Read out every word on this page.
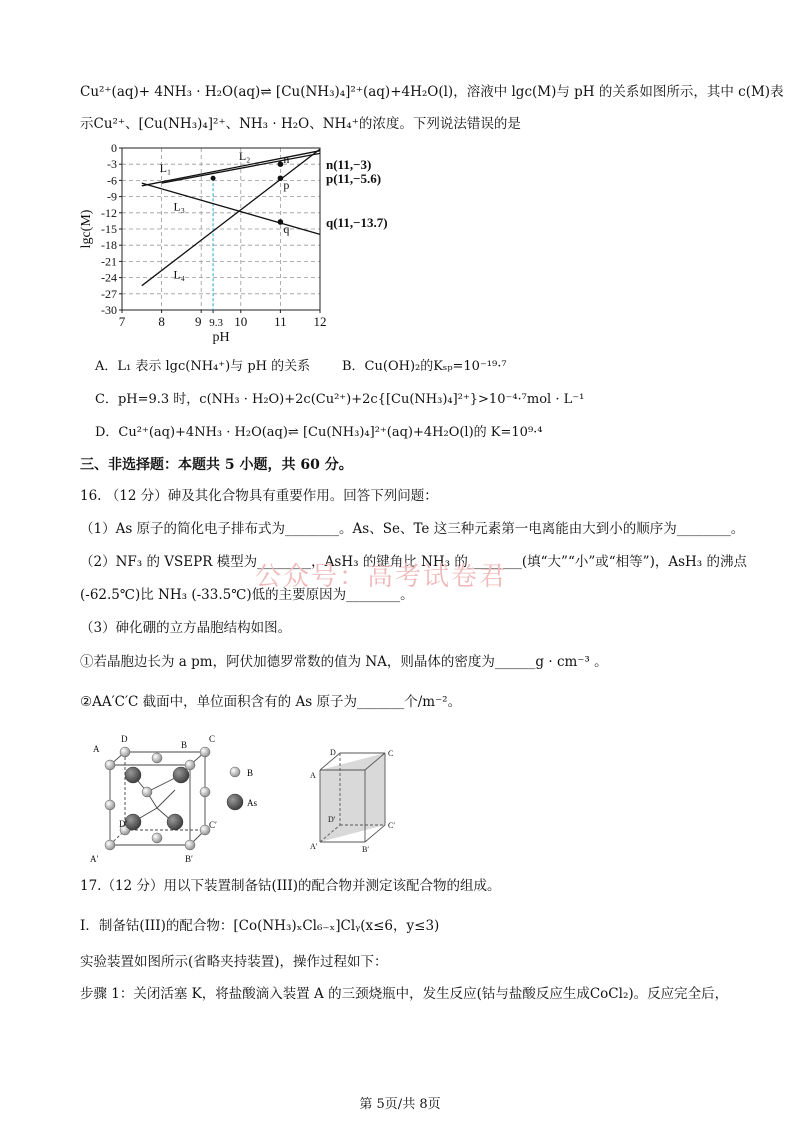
Cu²⁺(aq)+ 4NH₃ · H₂O(aq)⇌ [Cu(NH₃)₄]²⁺(aq)+4H₂O(l)，溶液中 lgc(M)与 pH 的关系如图所示，其中 c(M)表
示Cu²⁺、[Cu(NH₃)₄]²⁺、NH₃ · H₂O、NH₄⁺的浓度。下列说法错误的是
0
-3
-6
-9
-12
-15
-18
-21
-24
-27
-30
7	8 9 9.3 10 11 12
pH
lgc(M)
L₁
L₂
L₃
L₄
n	n(11,−3)
p	p(11,−5.6)
q	q(11,−13.7)
A．L₁ 表示 lgc(NH₄⁺)与 pH 的关系 B．Cu(OH)₂的Kₛₚ=10⁻¹⁹·⁷
C．pH=9.3 时，c(NH₃ · H₂O)+2c(Cu²⁺)+2c{[Cu(NH₃)₄]²⁺}>10⁻⁴·⁷mol · L⁻¹
D．Cu²⁺(aq)+4NH₃ · H₂O(aq)⇌ [Cu(NH₃)₄]²⁺(aq)+4H₂O(l)的 K=10⁹·⁴
三、非选择题：本题共 5 小题，共 60 分。
16. （12 分）砷及其化合物具有重要作用。回答下列问题：
（1）As 原子的简化电子排布式为________。As、Se、Te 这三种元素第一电离能由大到小的顺序为________。
（2）NF₃ 的 VSEPR 模型为________，AsH₃ 的键角比 NH₃ 的________(填“大”“小”或“相等”)，AsH₃ 的沸点
(-62.5℃)比 NH₃ (-33.5℃)低的主要原因为________。
（3）砷化硼的立方晶胞结构如图。
①若晶胞边长为 a pm，阿伏加德罗常数的值为 NA，则晶体的密度为______g · cm⁻³ 。
②AA′C′C 截面中，单位面积含有的 As 原子为_______个/m⁻²。
公众号：高考试卷君
A
D
B
C
D′	C′
A′	B′
B
As
D	C
A
D′
C′
A′	B′
17.（12 分）用以下装置制备钴(III)的配合物并测定该配合物的组成。
I．制备钴(III)的配合物：[Co(NH₃)ₓCl₆₋ₓ]Clᵧ(x≤6，y≤3)
实验装置如图所示(省略夹持装置)，操作过程如下：
步骤 1：关闭活塞 K，将盐酸滴入装置 A 的三颈烧瓶中，发生反应(钴与盐酸反应生成CoCl₂)。反应完全后，
第 5页/共 8页
